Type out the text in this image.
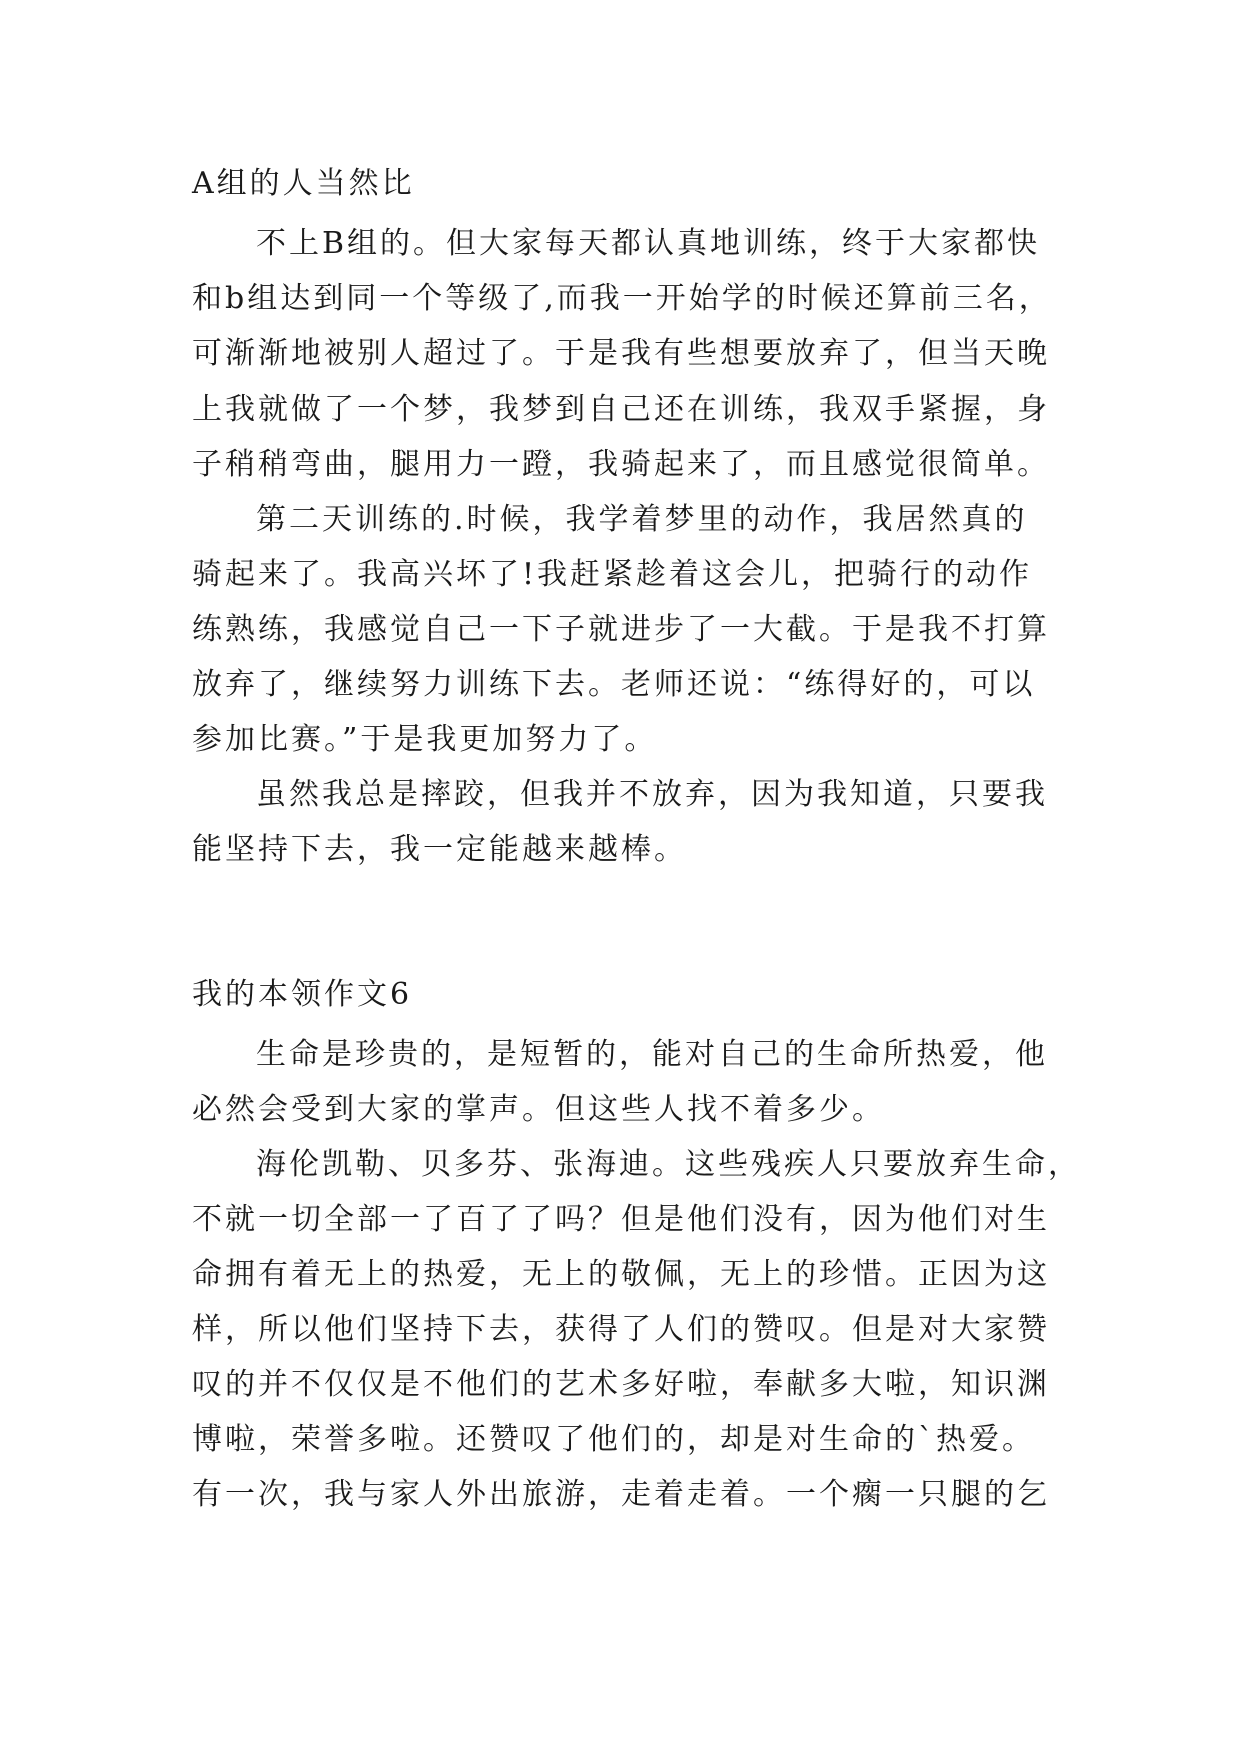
A组的人当然比
不上B组的。但大家每天都认真地训练，终于大家都快
和b组达到同一个等级了,而我一开始学的时候还算前三名，
可渐渐地被别人超过了。于是我有些想要放弃了，但当天晚
上我就做了一个梦，我梦到自己还在训练，我双手紧握，身
子稍稍弯曲，腿用力一蹬，我骑起来了，而且感觉很简单。
第二天训练的.时候，我学着梦里的动作，我居然真的
骑起来了。我高兴坏了!我赶紧趁着这会儿，把骑行的动作
练熟练，我感觉自己一下子就进步了一大截。于是我不打算
放弃了，继续努力训练下去。老师还说：“练得好的，可以
参加比赛。”于是我更加努力了。
虽然我总是摔跤，但我并不放弃，因为我知道，只要我
能坚持下去，我一定能越来越棒。
我的本领作文6
生命是珍贵的，是短暂的，能对自己的生命所热爱，他
必然会受到大家的掌声。但这些人找不着多少。
海伦凯勒、贝多芬、张海迪。这些残疾人只要放弃生命，
不就一切全部一了百了了吗？但是他们没有，因为他们对生
命拥有着无上的热爱，无上的敬佩，无上的珍惜。正因为这
样，所以他们坚持下去，获得了人们的赞叹。但是对大家赞
叹的并不仅仅是不他们的艺术多好啦，奉献多大啦，知识渊
博啦，荣誉多啦。还赞叹了他们的，却是对生命的`热爱。
有一次，我与家人外出旅游，走着走着。一个瘸一只腿的乞
